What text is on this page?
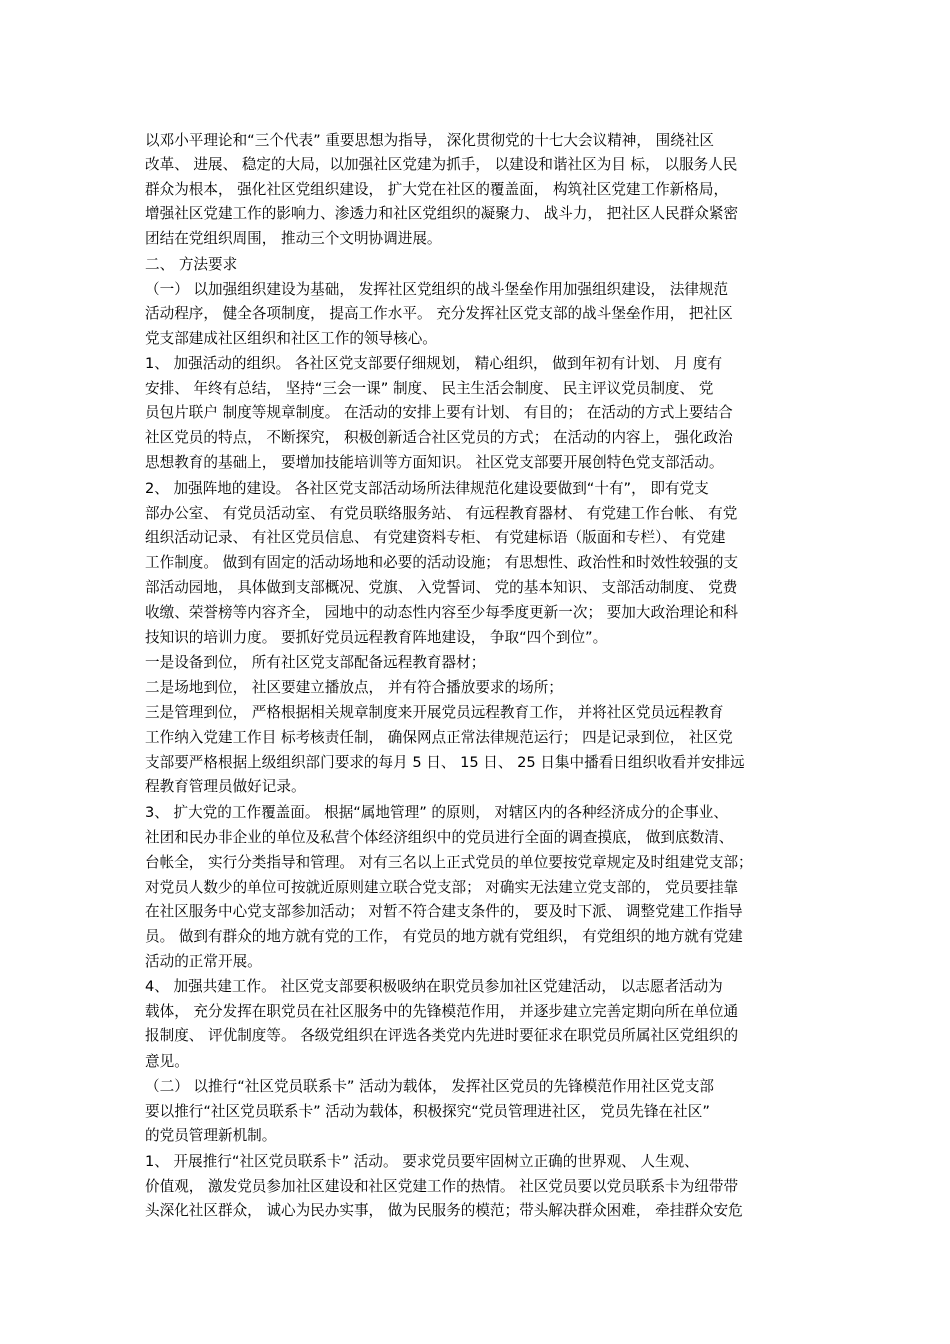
以邓小平理论和“三个代表” 重要思想为指导， 深化贯彻党的十七大会议精神， 围绕社区
改革、 进展、 稳定的大局，以加强社区党建为抓手， 以建设和谐社区为目 标， 以服务人民
群众为根本， 强化社区党组织建设， 扩大党在社区的覆盖面， 构筑社区党建工作新格局，
增强社区党建工作的影响力、渗透力和社区党组织的凝聚力、 战斗力， 把社区人民群众紧密
团结在党组织周围， 推动三个文明协调进展。
二、 方法要求
（一） 以加强组织建设为基础， 发挥社区党组织的战斗堡垒作用加强组织建设， 法律规范
活动程序， 健全各项制度， 提高工作水平。 充分发挥社区党支部的战斗堡垒作用， 把社区
党支部建成社区组织和社区工作的领导核心。
1、 加强活动的组织。 各社区党支部要仔细规划， 精心组织， 做到年初有计划、 月 度有
安排、 年终有总结， 坚持“三会一课” 制度、 民主生活会制度、 民主评议党员制度、 党
员包片联户 制度等规章制度。 在活动的安排上要有计划、 有目的； 在活动的方式上要结合
社区党员的特点， 不断探究， 积极创新适合社区党员的方式； 在活动的内容上， 强化政治
思想教育的基础上， 要增加技能培训等方面知识。 社区党支部要开展创特色党支部活动。
2、 加强阵地的建设。 各社区党支部活动场所法律规范化建设要做到“十有”， 即有党支
部办公室、 有党员活动室、 有党员联络服务站、 有远程教育器材、 有党建工作台帐、 有党
组织活动记录、 有社区党员信息、 有党建资料专柜、 有党建标语（版面和专栏）、 有党建
工作制度。 做到有固定的活动场地和必要的活动设施； 有思想性、政治性和时效性较强的支
部活动园地， 具体做到支部概况、党旗、 入党誓词、 党的基本知识、 支部活动制度、 党费
收缴、荣誉榜等内容齐全， 园地中的动态性内容至少每季度更新一次； 要加大政治理论和科
技知识的培训力度。 要抓好党员远程教育阵地建设， 争取“四个到位”。
一是设备到位， 所有社区党支部配备远程教育器材；
二是场地到位， 社区要建立播放点， 并有符合播放要求的场所；
三是管理到位， 严格根据相关规章制度来开展党员远程教育工作， 并将社区党员远程教育
工作纳入党建工作目 标考核责任制， 确保网点正常法律规范运行； 四是记录到位， 社区党
支部要严格根据上级组织部门要求的每月 5 日、 15 日、 25 日集中播看日组织收看并安排远
程教育管理员做好记录。
3、 扩大党的工作覆盖面。 根据“属地管理” 的原则， 对辖区内的各种经济成分的企事业、
社团和民办非企业的单位及私营个体经济组织中的党员进行全面的调查摸底， 做到底数清、
台帐全， 实行分类指导和管理。 对有三名以上正式党员的单位要按党章规定及时组建党支部；
对党员人数少的单位可按就近原则建立联合党支部； 对确实无法建立党支部的， 党员要挂靠
在社区服务中心党支部参加活动； 对暂不符合建支条件的， 要及时下派、 调整党建工作指导
员。 做到有群众的地方就有党的工作， 有党员的地方就有党组织， 有党组织的地方就有党建
活动的正常开展。
4、 加强共建工作。 社区党支部要积极吸纳在职党员参加社区党建活动， 以志愿者活动为
载体， 充分发挥在职党员在社区服务中的先锋模范作用， 并逐步建立完善定期向所在单位通
报制度、 评优制度等。 各级党组织在评选各类党内先进时要征求在职党员所属社区党组织的
意见。
（二） 以推行“社区党员联系卡” 活动为载体， 发挥社区党员的先锋模范作用社区党支部
要以推行“社区党员联系卡” 活动为载体，积极探究“党员管理进社区， 党员先锋在社区”
的党员管理新机制。
1、 开展推行“社区党员联系卡” 活动。 要求党员要牢固树立正确的世界观、 人生观、
价值观， 激发党员参加社区建设和社区党建工作的热情。 社区党员要以党员联系卡为纽带带
头深化社区群众， 诚心为民办实事， 做为民服务的模范；带头解决群众困难， 牵挂群众安危
